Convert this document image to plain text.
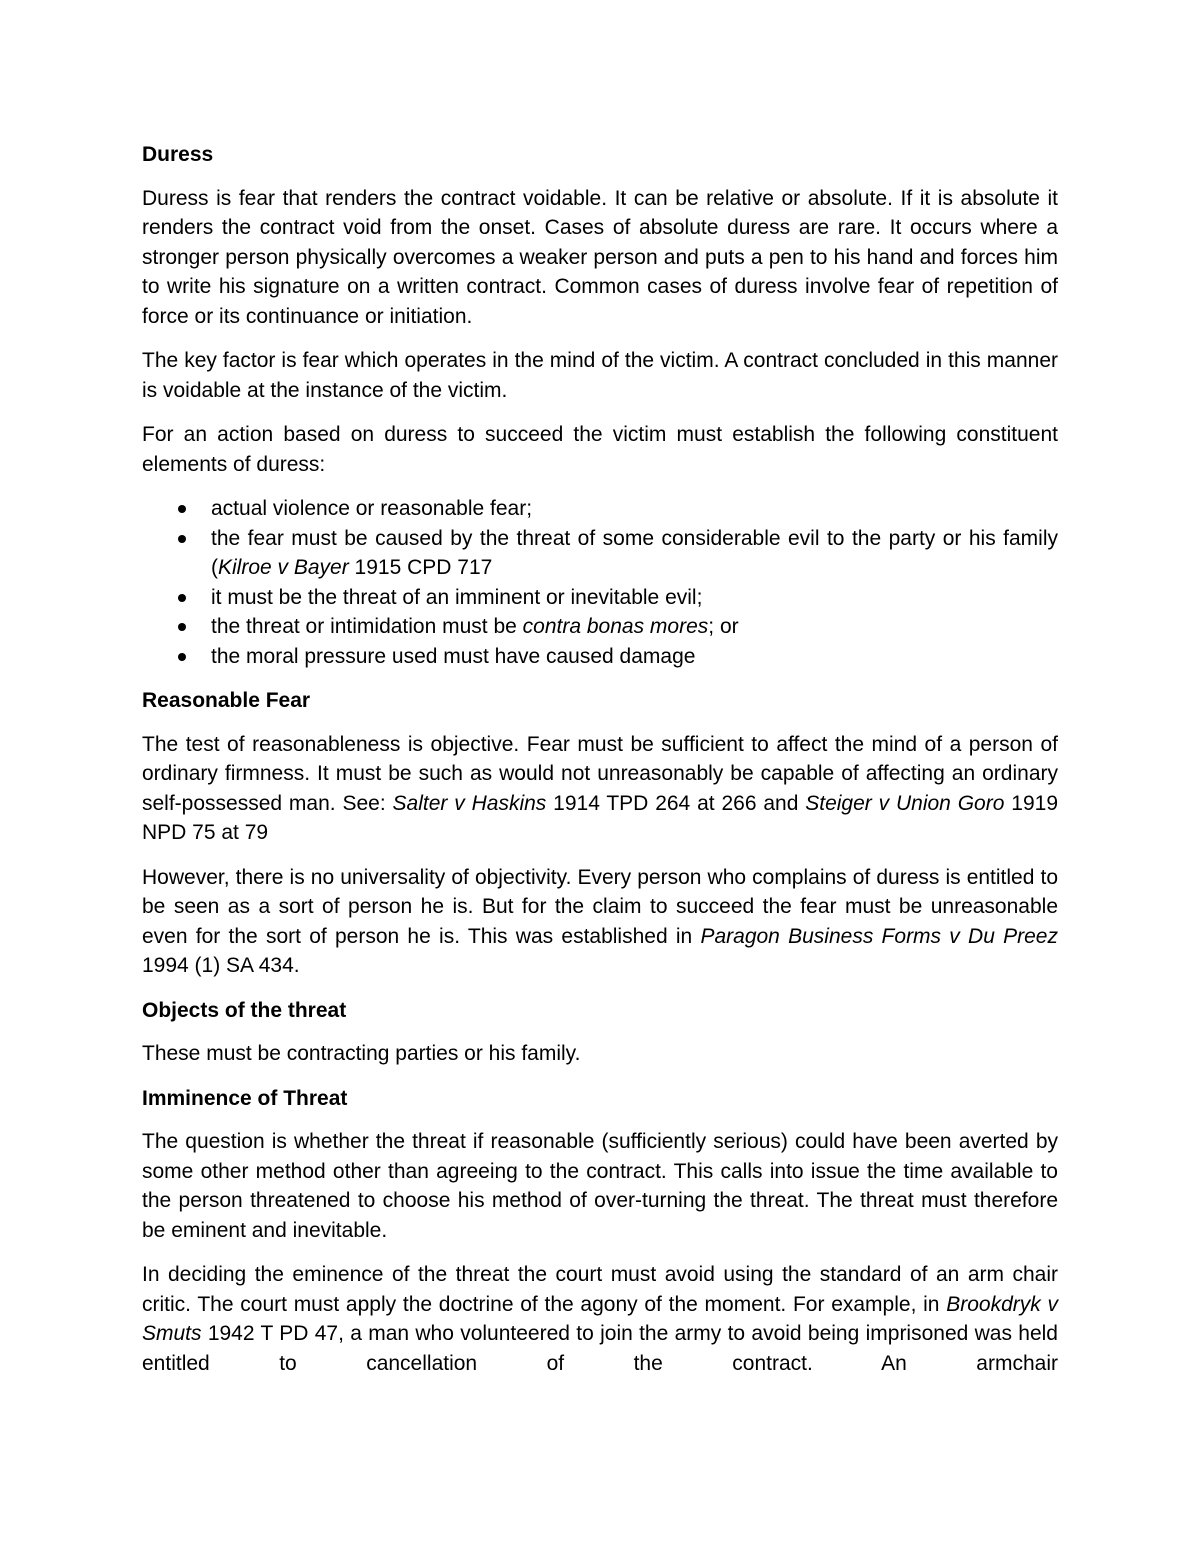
Duress

Duress is fear that renders the contract voidable. It can be relative or absolute. If it is absolute it renders the contract void from the onset. Cases of absolute duress are rare. It occurs where a stronger person physically overcomes a weaker person and puts a pen to his hand and forces him to write his signature on a written contract. Common cases of duress involve fear of repetition of force or its continuance or initiation.

The key factor is fear which operates in the mind of the victim. A contract concluded in this manner is voidable at the instance of the victim.

For an action based on duress to succeed the victim must establish the following constituent elements of duress:

actual violence or reasonable fear;
the fear must be caused by the threat of some considerable evil to the party or his family (Kilroe v Bayer 1915 CPD 717
it must be the threat of an imminent or inevitable evil;
the threat or intimidation must be contra bonas mores; or
the moral pressure used must have caused damage
Reasonable Fear

The test of reasonableness is objective. Fear must be sufficient to affect the mind of a person of ordinary firmness. It must be such as would not unreasonably be capable of affecting an ordinary self-possessed man. See: Salter v Haskins 1914 TPD 264 at 266 and Steiger v Union Goro 1919 NPD 75 at 79

However, there is no universality of objectivity. Every person who complains of duress is entitled to be seen as a sort of person he is. But for the claim to succeed the fear must be unreasonable even for the sort of person he is. This was established in Paragon Business Forms v Du Preez 1994 (1) SA 434.

Objects of the threat

These must be contracting parties or his family.

Imminence of Threat

The question is whether the threat if reasonable (sufficiently serious) could have been averted by some other method other than agreeing to the contract. This calls into issue the time available to the person threatened to choose his method of over-turning the threat. The threat must therefore be eminent and inevitable.

In deciding the eminence of the threat the court must avoid using the standard of an arm chair critic. The court must apply the doctrine of the agony of the moment. For example, in Brookdryk v Smuts 1942 T PD 47, a man who volunteered to join the army to avoid being imprisoned was held entitled to cancellation of the contract. An armchair
